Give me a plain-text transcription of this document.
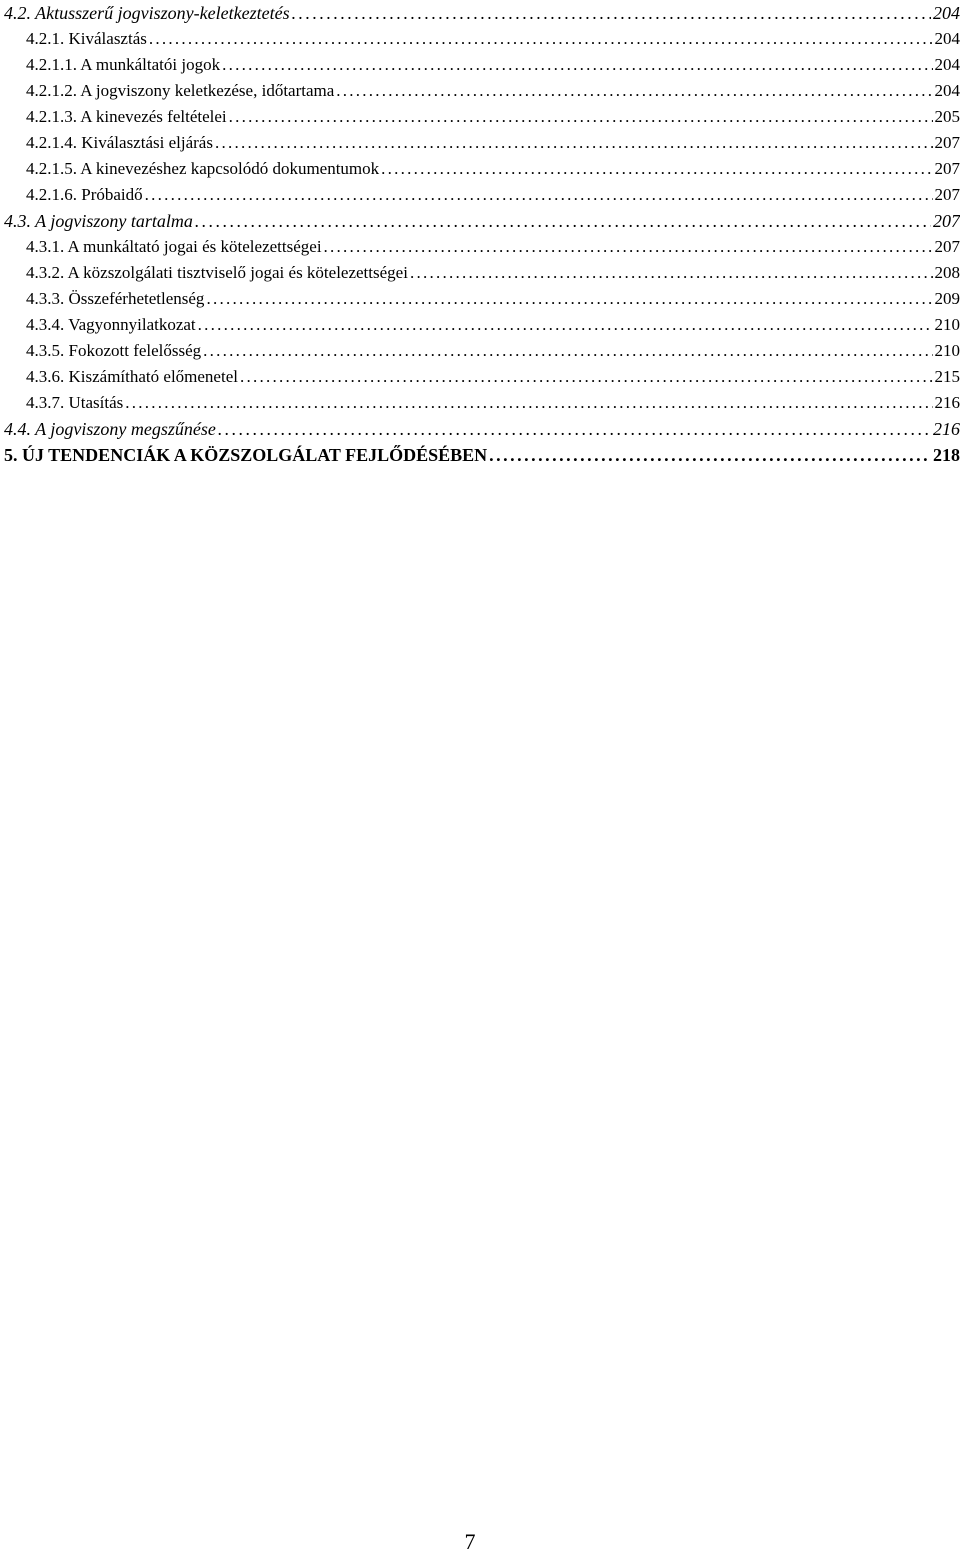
4.2. Aktusszerű jogviszony-keletkeztetés . . .	204
4.2.1. Kiválasztás . . .	204
4.2.1.1. A munkáltatói jogok . . .	204
4.2.1.2. A jogviszony keletkezése, időtartama . . .	204
4.2.1.3. A kinevezés feltételei . . .	205
4.2.1.4. Kiválasztási eljárás . . .	207
4.2.1.5. A kinevezéshez kapcsolódó dokumentumok . . .	207
4.2.1.6. Próbaidő . . .	207
4.3. A jogviszony tartalma . . .	207
4.3.1. A munkáltató jogai és kötelezettségei . . .	207
4.3.2. A közszolgálati tisztviselő jogai és kötelezettségei . . .	208
4.3.3. Összeférhetetlenség . . .	209
4.3.4. Vagyonnyilatkozat . . .	210
4.3.5. Fokozott felelősség . . .	210
4.3.6. Kiszámítható előmenetel . . .	215
4.3.7. Utasítás . . .	216
4.4. A jogviszony megszűnése . . .	216
5. ÚJ TENDENCIÁK A KÖZSZOLGÁLAT FEJLŐDÉSÉBEN . . .	218
7
